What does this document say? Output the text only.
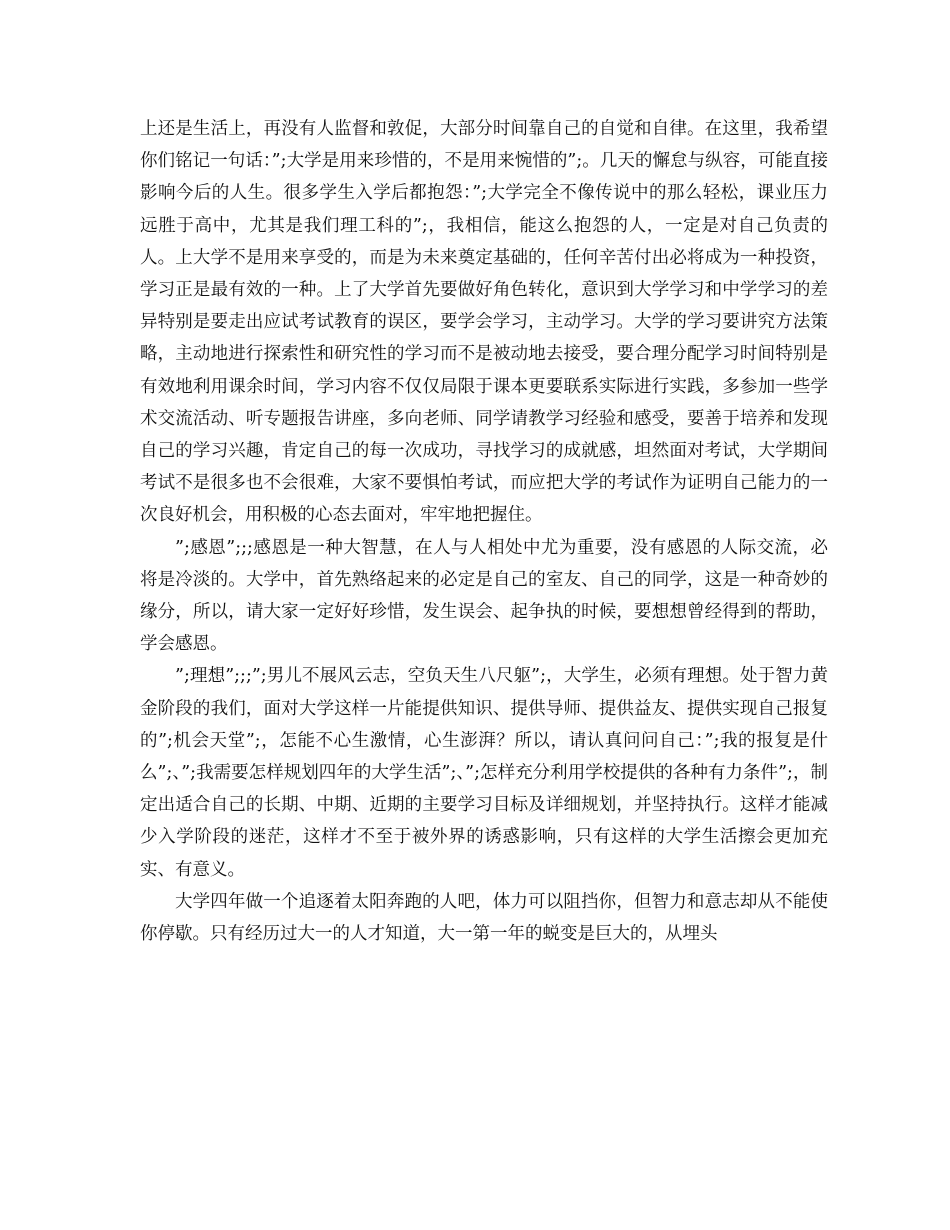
上还是生活上，再没有人监督和敦促，大部分时间靠自己的自觉和自律。在这里，我希望你们铭记一句话：”;大学是用来珍惜的，不是用来惋惜的”;。几天的懈怠与纵容，可能直接影响今后的人生。很多学生入学后都抱怨：”;大学完全不像传说中的那么轻松，课业压力远胜于高中，尤其是我们理工科的”;，我相信，能这么抱怨的人，一定是对自己负责的人。上大学不是用来享受的，而是为未来奠定基础的，任何辛苦付出必将成为一种投资，学习正是最有效的一种。上了大学首先要做好角色转化，意识到大学学习和中学学习的差异特别是要走出应试考试教育的误区，要学会学习，主动学习。大学的学习要讲究方法策略，主动地进行探索性和研究性的学习而不是被动地去接受，要合理分配学习时间特别是有效地利用课余时间，学习内容不仅仅局限于课本更要联系实际进行实践，多参加一些学术交流活动、听专题报告讲座，多向老师、同学请教学习经验和感受，要善于培养和发现自己的学习兴趣，肯定自己的每一次成功，寻找学习的成就感，坦然面对考试，大学期间考试不是很多也不会很难，大家不要惧怕考试，而应把大学的考试作为证明自己能力的一次良好机会，用积极的心态去面对，牢牢地把握住。

”;感恩”;;;感恩是一种大智慧，在人与人相处中尤为重要，没有感恩的人际交流，必将是冷淡的。大学中，首先熟络起来的必定是自己的室友、自己的同学，这是一种奇妙的缘分，所以，请大家一定好好珍惜，发生误会、起争执的时候，要想想曾经得到的帮助，学会感恩。

”;理想”;;;”;男儿不展风云志，空负天生八尺躯”;，大学生，必须有理想。处于智力黄金阶段的我们，面对大学这样一片能提供知识、提供导师、提供益友、提供实现自己报复的”;机会天堂”;，怎能不心生激情，心生澎湃？所以，请认真问问自己：”;我的报复是什么”;、”;我需要怎样规划四年的大学生活”;、”;怎样充分利用学校提供的各种有力条件”;，制定出适合自己的长期、中期、近期的主要学习目标及详细规划，并坚持执行。这样才能减少入学阶段的迷茫，这样才不至于被外界的诱惑影响，只有这样的大学生活擦会更加充实、有意义。

大学四年做一个追逐着太阳奔跑的人吧，体力可以阻挡你，但智力和意志却从不能使你停歇。只有经历过大一的人才知道，大一第一年的蜕变是巨大的，从埋头
